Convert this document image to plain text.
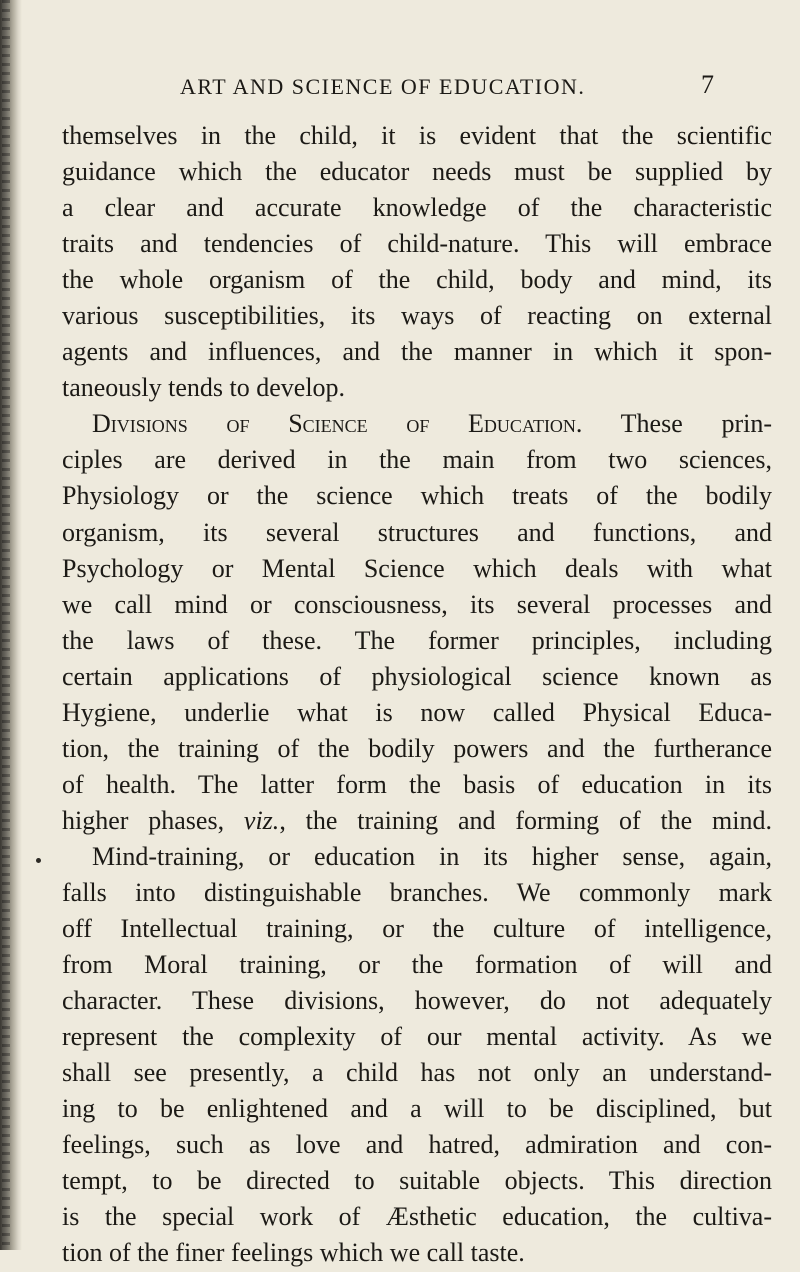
ART AND SCIENCE OF EDUCATION.	7
themselves in the child, it is evident that the scientific
guidance which the educator needs must be supplied by
a clear and accurate knowledge of the characteristic
traits and tendencies of child-nature. This will embrace
the whole organism of the child, body and mind, its
various susceptibilities, its ways of reacting on external
agents and influences, and the manner in which it spon-
taneously tends to develop.
Divisions of Science of Education. These prin-
ciples are derived in the main from two sciences,
Physiology or the science which treats of the bodily
organism, its several structures and functions, and
Psychology or Mental Science which deals with what
we call mind or consciousness, its several processes and
the laws of these. The former principles, including
certain applications of physiological science known as
Hygiene, underlie what is now called Physical Educa-
tion, the training of the bodily powers and the furtherance
of health. The latter form the basis of education in its
higher phases, viz., the training and forming of the mind.
Mind-training, or education in its higher sense, again,
falls into distinguishable branches. We commonly mark
off Intellectual training, or the culture of intelligence,
from Moral training, or the formation of will and
character. These divisions, however, do not adequately
represent the complexity of our mental activity. As we
shall see presently, a child has not only an understand-
ing to be enlightened and a will to be disciplined, but
feelings, such as love and hatred, admiration and con-
tempt, to be directed to suitable objects. This direction
is the special work of Æsthetic education, the cultiva-
tion of the finer feelings which we call taste.
